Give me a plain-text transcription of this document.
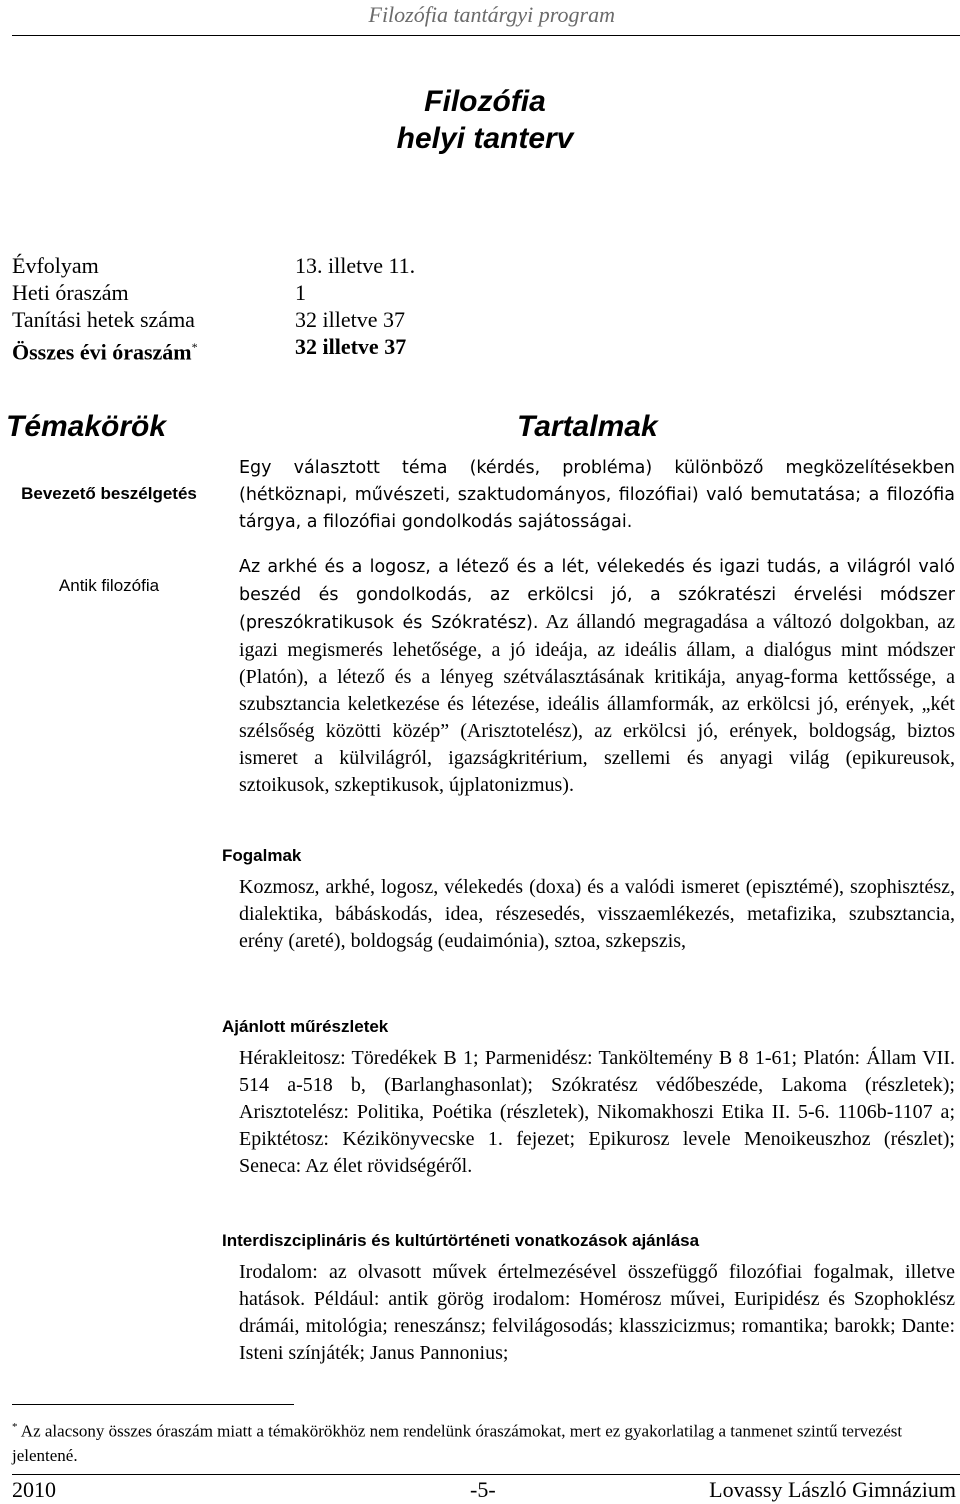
Filozófia tantárgyi program
Filozófia
helyi tanterv
Évfolyam	13. illetve 11.
Heti óraszám	1
Tanítási hetek száma	32 illetve 37
Összes évi óraszám*	32 illetve 37
Témakörök	Tartalmak
Bevezető beszélgetés
Egy választott téma (kérdés, probléma) különböző megközelítésekben (hétköznapi, művészeti, szaktudományos, filozófiai) való bemutatása; a filozófia tárgya, a filozófiai gondolkodás sajátosságai.
Antik filozófia
Az arkhé és a logosz, a létező és a lét, vélekedés és igazi tudás, a világról való beszéd és gondolkodás, az erkölcsi jó, a szókratészi érvelési módszer (preszókratikusok és Szókratész). Az állandó megragadása a változó dolgokban, az igazi megismerés lehetősége, a jó ideája, az ideális állam, a dialógus mint módszer (Platón), a létező és a lényeg szétválasztásának kritikája, anyag-forma kettőssége, a szubsztancia keletkezése és létezése, ideális államformák, az erkölcsi jó, erények, „két szélsőség közötti közép” (Arisztotelész), az erkölcsi jó, erények, boldogság, biztos ismeret a külvilágról, igazságkritérium, szellemi és anyagi világ (epikureusok, sztoikusok, szkeptikusok, újplatonizmus).
Fogalmak
Kozmosz, arkhé, logosz, vélekedés (doxa) és a valódi ismeret (episztémé), szophisztész, dialektika, bábáskodás, idea, részesedés, visszaemlékezés, metafizika, szubsztancia, erény (areté), boldogság (eudaimónia), sztoa, szkepszis,
Ajánlott műrészletek
Hérakleitosz: Töredékek B 1; Parmenidész: Tanköltemény B 8 1-61; Platón: Állam VII. 514 a-518 b, (Barlanghasonlat); Szókratész védőbeszéde, Lakoma (részletek); Arisztotelész: Politika, Poétika (részletek), Nikomakhoszi Etika II. 5-6. 1106b-1107 a; Epiktétosz: Kézikönyvecske 1. fejezet; Epikurosz levele Menoikeuszhoz (részlet); Seneca: Az élet rövidségéről.
Interdiszciplináris és kultúrtörténeti vonatkozások ajánlása
Irodalom: az olvasott művek értelmezésével összefüggő filozófiai fogalmak, illetve hatások. Például: antik görög irodalom: Homérosz művei, Euripidész és Szophoklész drámái, mitológia; reneszánsz; felvilágosodás; klasszicizmus; romantika; barokk; Dante: Isteni színjáték; Janus Pannonius;
* Az alacsony összes óraszám miatt a témakörökhöz nem rendelünk óraszámokat, mert ez gyakorlatilag a tanmenet szintű tervezést jelentené.
2010	-5-	Lovassy László Gimnázium
